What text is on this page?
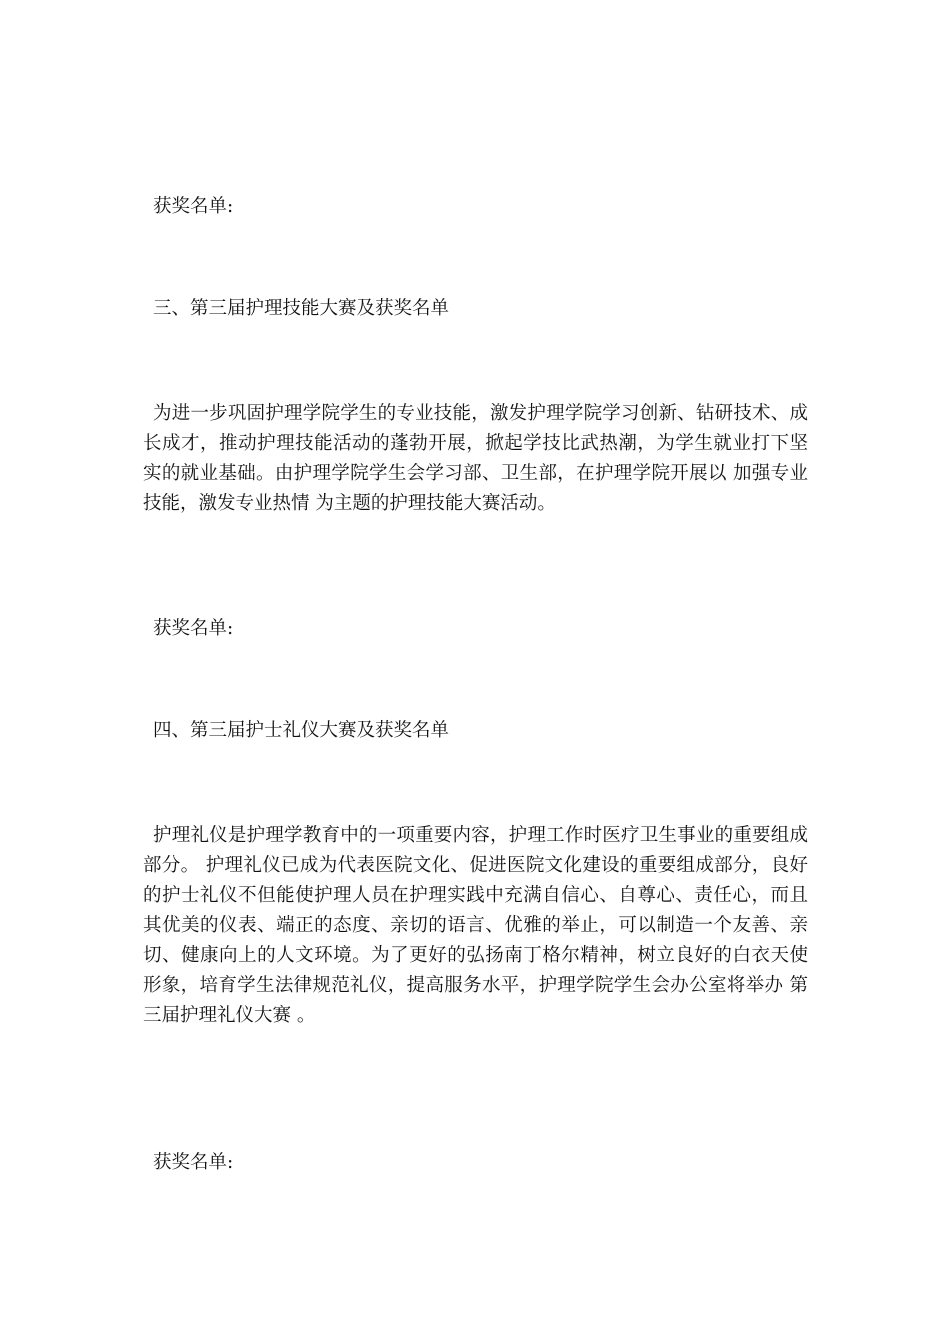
获奖名单:

三、第三届护理技能大赛及获奖名单

为进一步巩固护理学院学生的专业技能，激发护理学院学习创新、钻研技术、成长成才，推动护理技能活动的蓬勃开展，掀起学技比武热潮，为学生就业打下坚实的就业基础。由护理学院学生会学习部、卫生部，在护理学院开展以 加强专业技能，激发专业热情 为主题的护理技能大赛活动。

获奖名单:

四、第三届护士礼仪大赛及获奖名单

护理礼仪是护理学教育中的一项重要内容，护理工作时医疗卫生事业的重要组成部分。 护理礼仪已成为代表医院文化、促进医院文化建设的重要组成部分，良好的护士礼仪不但能使护理人员在护理实践中充满自信心、自尊心、责任心，而且其优美的仪表、端正的态度、亲切的语言、优雅的举止，可以制造一个友善、亲切、健康向上的人文环境。为了更好的弘扬南丁格尔精神，树立良好的白衣天使形象，培育学生法律规范礼仪，提高服务水平，护理学院学生会办公室将举办 第三届护理礼仪大赛 。

获奖名单:
